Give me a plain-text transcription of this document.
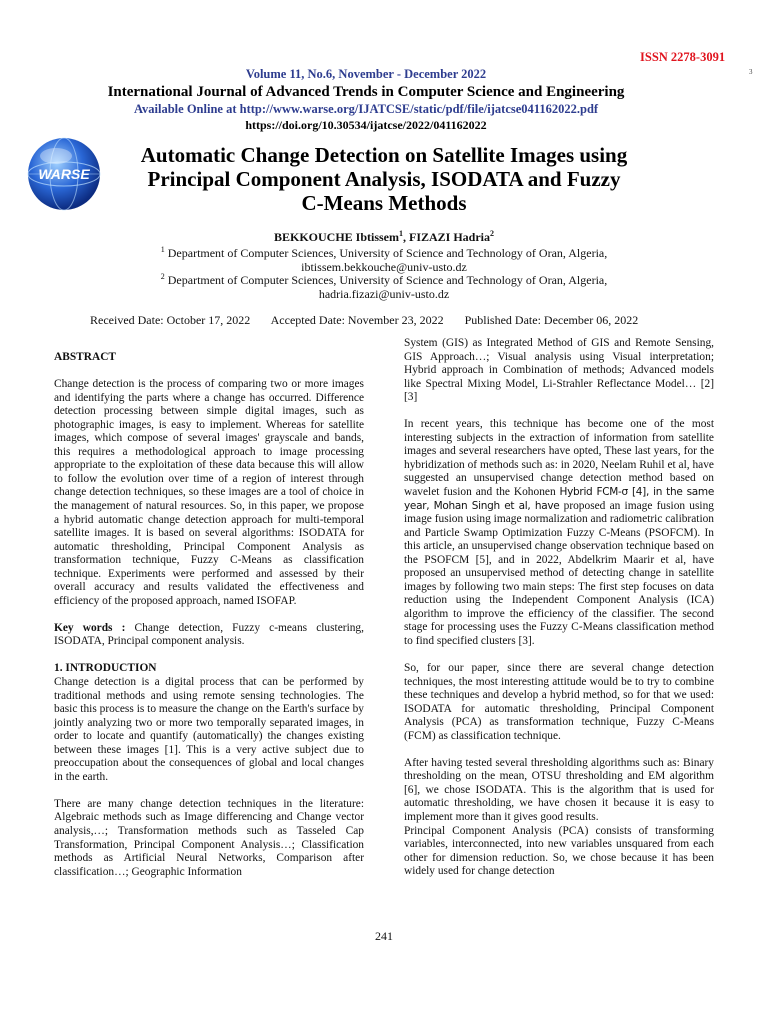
ISSN 2278-3091
3
Volume 11, No.6, November - December 2022
International Journal of Advanced Trends in Computer Science and Engineering
Available Online at http://www.warse.org/IJATCSE/static/pdf/file/ijatcse041162022.pdf
https://doi.org/10.30534/ijatcse/2022/041162022
WARSE
Automatic Change Detection on Satellite Images using
Principal Component Analysis, ISODATA and Fuzzy
C-Means Methods
BEKKOUCHE Ibtissem$^1$, FIZAZI Hadria$^2$
$^1$ Department of Computer Sciences, University of Science and Technology of Oran, Algeria,
ibtissem.bekkouche@univ-usto.dz
$^2$ Department of Computer Sciences, University of Science and Technology of Oran, Algeria,
hadria.fizazi@univ-usto.dz
Received Date: October 17, 2022 Accepted Date: November 23, 2022 Published Date: December 06, 2022

ABSTRACT

Change detection is the process of comparing two or more images and identifying the parts where a change has occurred. Difference detection processing between simple digital images, such as photographic images, is easy to implement. Whereas for satellite images, which compose of several images' grayscale and bands, this requires a methodological approach to image processing appropriate to the exploitation of these data because this will allow to follow the evolution over time of a region of interest through change detection techniques, so these images are a tool of choice in the management of natural resources. So, in this paper, we propose a hybrid automatic change detection approach for multi-temporal satellite images. It is based on several algorithms: ISODATA for automatic thresholding, Principal Component Analysis as transformation technique, Fuzzy C-Means as classification technique. Experiments were performed and assessed by their overall accuracy and results validated the effectiveness and efficiency of the proposed approach, named ISOFAP.

Key words : Change detection, Fuzzy c-means clustering, ISODATA, Principal component analysis.

1. INTRODUCTION

Change detection is a digital process that can be performed by traditional methods and using remote sensing technologies. The basic this process is to measure the change on the Earth's surface by jointly analyzing two or more two temporally separated images, in order to locate and quantify (automatically) the changes existing between these images [1]. This is a very active subject due to preoccupation about the consequences of global and local changes in the earth.

There are many change detection techniques in the literature: Algebraic methods such as Image differencing and Change vector analysis,…; Transformation methods such as Tasseled Cap Transformation, Principal Component Analysis…; Classification methods as Artificial Neural Networks, Comparison after classification…; Geographic Information

System (GIS) as Integrated Method of GIS and Remote Sensing, GIS Approach…; Visual analysis using Visual interpretation; Hybrid approach in Combination of methods; Advanced models like Spectral Mixing Model, Li-Strahler Reflectance Model… [2][3]

In recent years, this technique has become one of the most interesting subjects in the extraction of information from satellite images and several researchers have opted, These last years, for the hybridization of methods such as: in 2020, Neelam Ruhil et al, have suggested an unsupervised change detection method based on wavelet fusion and the Kohonen Hybrid FCM-σ [4], in the same year, Mohan Singh et al, have proposed an image fusion using image fusion using image normalization and radiometric calibration and Particle Swamp Optimization Fuzzy C-Means (PSOFCM). In this article, an unsupervised change observation technique based on the PSOFCM [5], and in 2022, Abdelkrim Maarir et al, have proposed an unsupervised method of detecting change in satellite images by following two main steps: The first step focuses on data reduction using the Independent Component Analysis (ICA) algorithm to improve the efficiency of the classifier. The second stage for processing uses the Fuzzy C-Means classification method to find specified clusters [3].

So, for our paper, since there are several change detection techniques, the most interesting attitude would be to try to combine these techniques and develop a hybrid method, so for that we used: ISODATA for automatic thresholding, Principal Component Analysis (PCA) as transformation technique, Fuzzy C-Means (FCM) as classification technique.

After having tested several thresholding algorithms such as: Binary thresholding on the mean, OTSU thresholding and EM algorithm [6], we chose ISODATA. This is the algorithm that is used for automatic thresholding, we have chosen it because it is easy to implement more than it gives good results.

Principal Component Analysis (PCA) consists of transforming variables, interconnected, into new variables unsquared from each other for dimension reduction. So, we chose because it has been widely used for change detection

241
